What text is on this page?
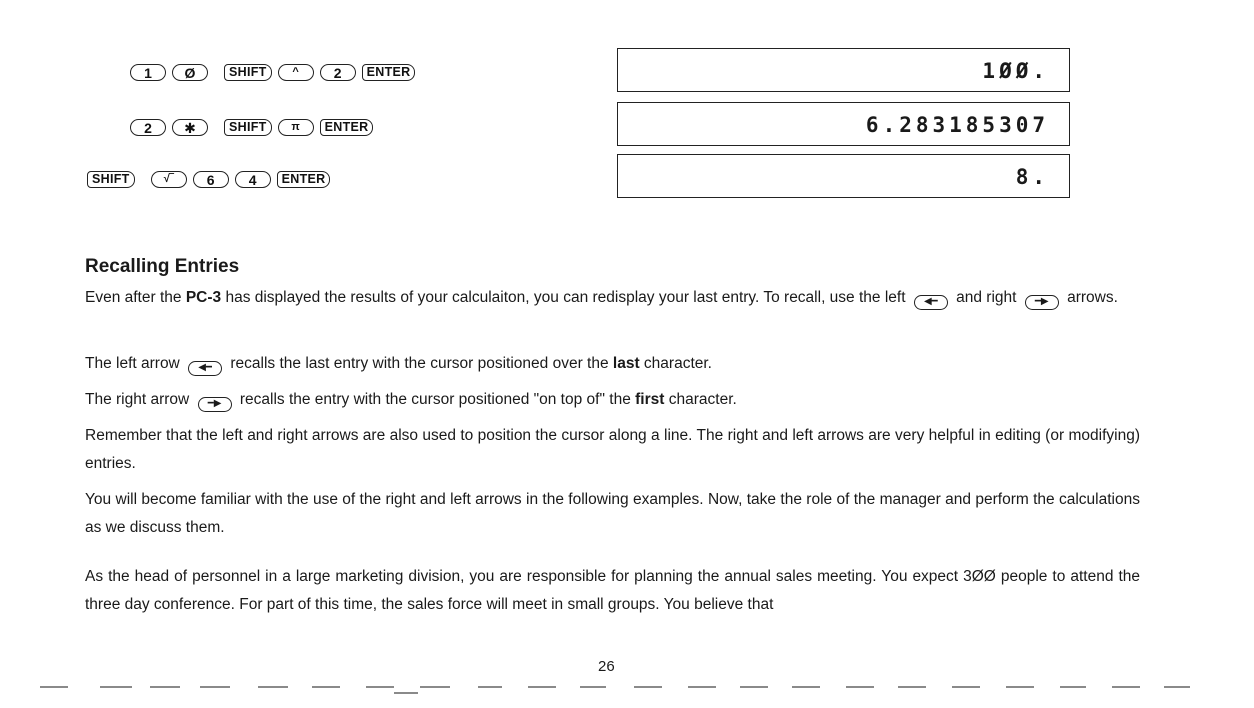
1	Ø	SHIFT	^	2	ENTER
2	✱	SHIFT	π	ENTER
SHIFT	√‾	6	4	ENTER
1ØØ.
6.283185307
8.
Recalling Entries

Even after the PC-3 has displayed the results of your calculaiton, you can redisplay your last entry. To recall, use the left ◀━ and right ━▶ arrows.

The left arrow ◀━ recalls the last entry with the cursor positioned over the last character.

The right arrow ━▶ recalls the entry with the cursor positioned "on top of" the first character.

Remember that the left and right arrows are also used to position the cursor along a line. The right and left arrows are very helpful in editing (or modifying) entries.

You will become familiar with the use of the right and left arrows in the following examples. Now, take the role of the manager and perform the calculations as we discuss them.

As the head of personnel in a large marketing division, you are responsible for planning the annual sales meeting. You expect 3ØØ people to attend the three day conference. For part of this time, the sales force will meet in small groups. You believe that

26
